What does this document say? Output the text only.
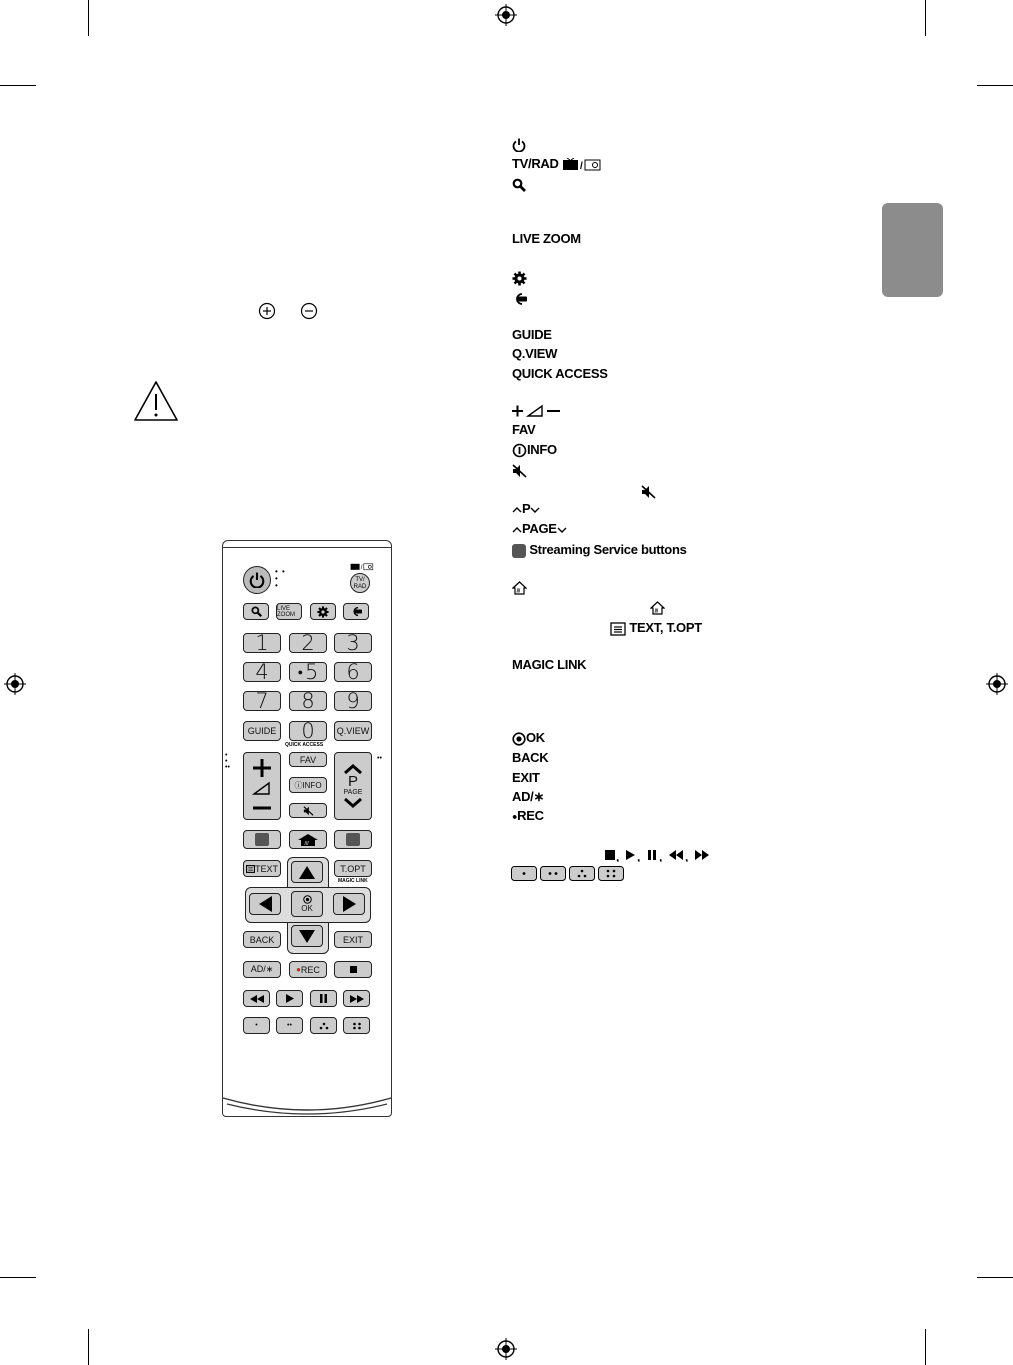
TV/RAD /
LIVE ZOOM
GUIDE
Q.VIEW
QUICK ACCESS
FAV
INFO
P
PAGE
Streaming Service buttons
///
///
TEXT, T.OPT
MAGIC LINK
OK
BACK
EXIT
AD/∗
●REC
, , , ,
• •
•
•
/
TV/
RAD
LIVE ZOOM
1	2	3
4	● 5	6
7	8	9
GUIDE	0	Q.VIEW
QUICK ACCESS
•
•
••
FAV
ⓘINFO	P
PAGE
••
///
OK
TEXT	T.OPT
MAGIC LINK
BACK	EXIT
AD/∗	● REC
•	••
